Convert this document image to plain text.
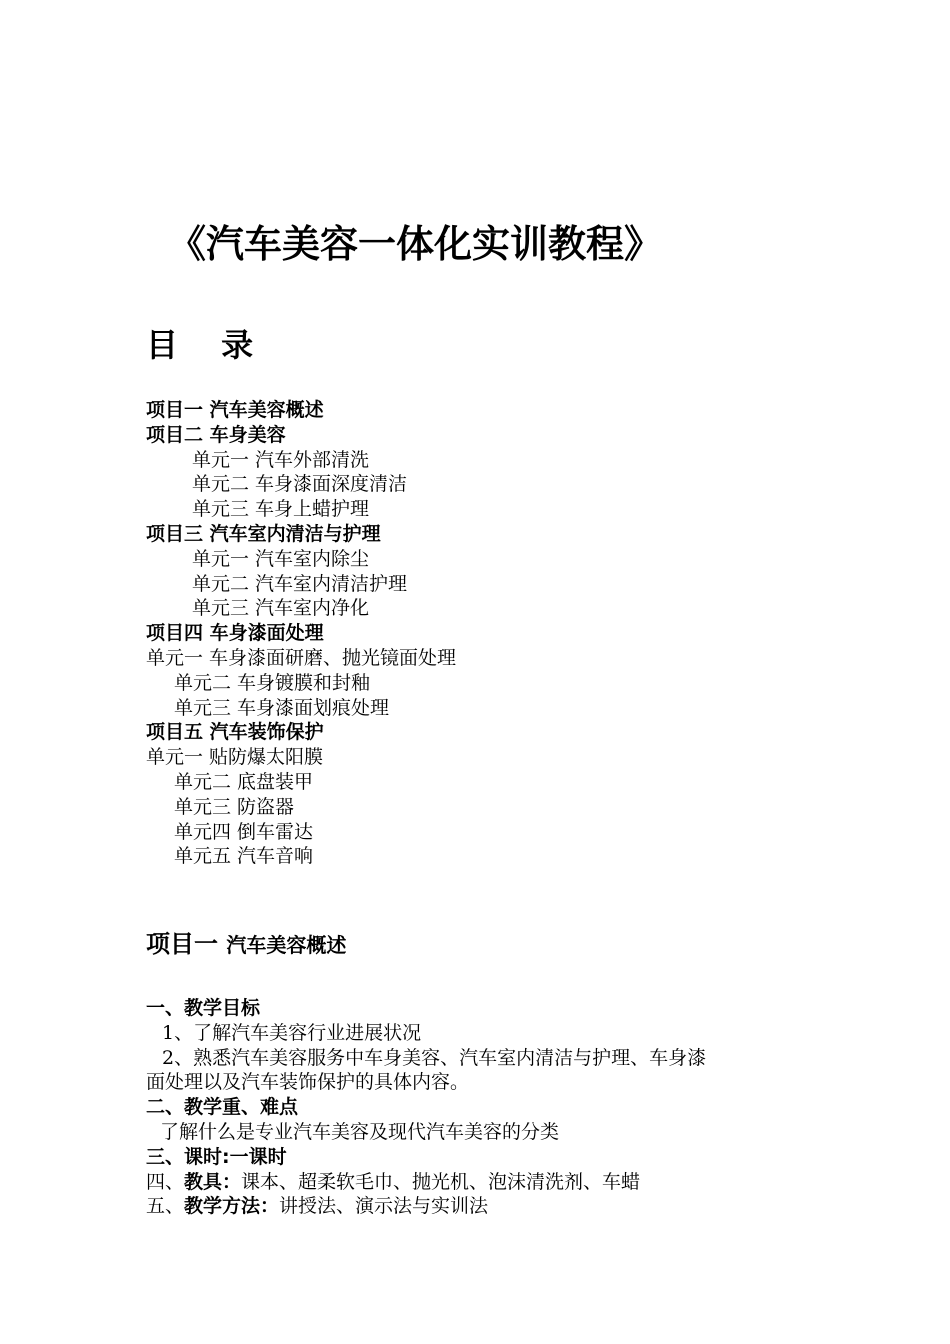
《汽车美容一体化实训教程》
目 录
项目一 汽车美容概述
项目二 车身美容
单元一 汽车外部清洗
单元二 车身漆面深度清洁
单元三 车身上蜡护理
项目三 汽车室内清洁与护理
单元一 汽车室内除尘
单元二 汽车室内清洁护理
单元三 汽车室内净化
项目四 车身漆面处理
单元一 车身漆面研磨、抛光镜面处理
单元二 车身镀膜和封釉
单元三 车身漆面划痕处理
项目五 汽车装饰保护
单元一 贴防爆太阳膜
单元二 底盘装甲
单元三 防盗器
单元四 倒车雷达
单元五 汽车音响
项目一 汽车美容概述
一、教学目标
1、了解汽车美容行业进展状况
2、熟悉汽车美容服务中车身美容、汽车室内清洁与护理、车身漆
面处理以及汽车装饰保护的具体内容。
二、教学重、难点
了解什么是专业汽车美容及现代汽车美容的分类
三、课时:一课时
四、教具：课本、超柔软毛巾、抛光机、泡沫清洗剂、车蜡
五、教学方法：讲授法、演示法与实训法
